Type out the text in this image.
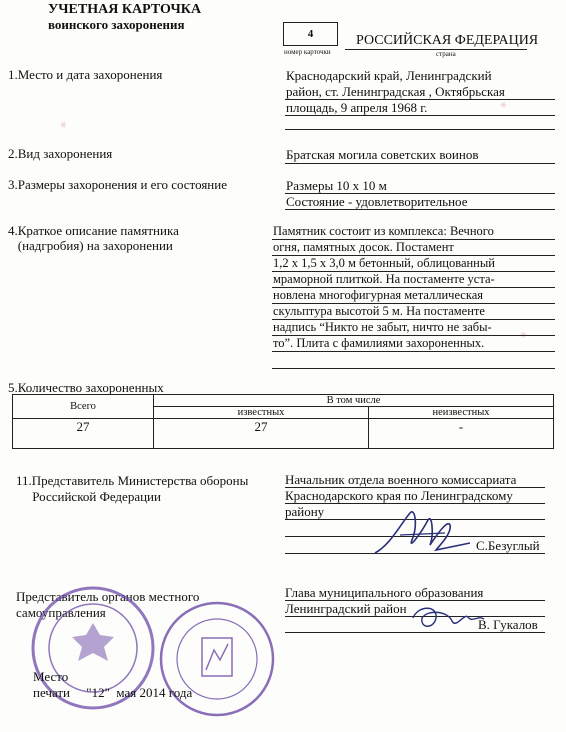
✶
✶
✶
УЧЕТНАЯ КАРТОЧКА
воинского захоронения
4
номер карточки
РОССИЙСКАЯ ФЕДЕРАЦИЯ
страна
1.Место и дата захоронения	Краснодарский край, Ленинградский
район, ст. Ленинградская , Октябрьская
площадь, 9 апреля 1968 г.
2.Вид захоронения	Братская могила советских воинов
3.Размеры захоронения и его состояние	Размеры 10 х 10 м
Состояние - удовлетворительное
4.Краткое описание памятника
(надгробия) на захоронении
Памятник состоит из комплекса: Вечного
огня, памятных досок. Постамент
1,2 х 1,5 х 3,0 м бетонный, облицованный
мраморной плиткой. На постаменте уста-
новлена многофигурная металлическая
скульптура высотой 5 м. На постаменте
надпись “Никто не забыт, ничто не забы-
то”. Плита с фамилиями захороненных.
5.Количество захороненных
Всего	В том числе	
	известных	неизвестных
27	27	-
11.Представитель Министерства обороны
Российской Федерации
Начальник отдела военного комиссариата
Краснодарского края по Ленинградскому
району
С.Безуглый
Представитель органов местного
самоуправления
Глава муниципального образования
Ленинградский район
В. Гукалов
Место
печати     "12"  мая 2014 года
